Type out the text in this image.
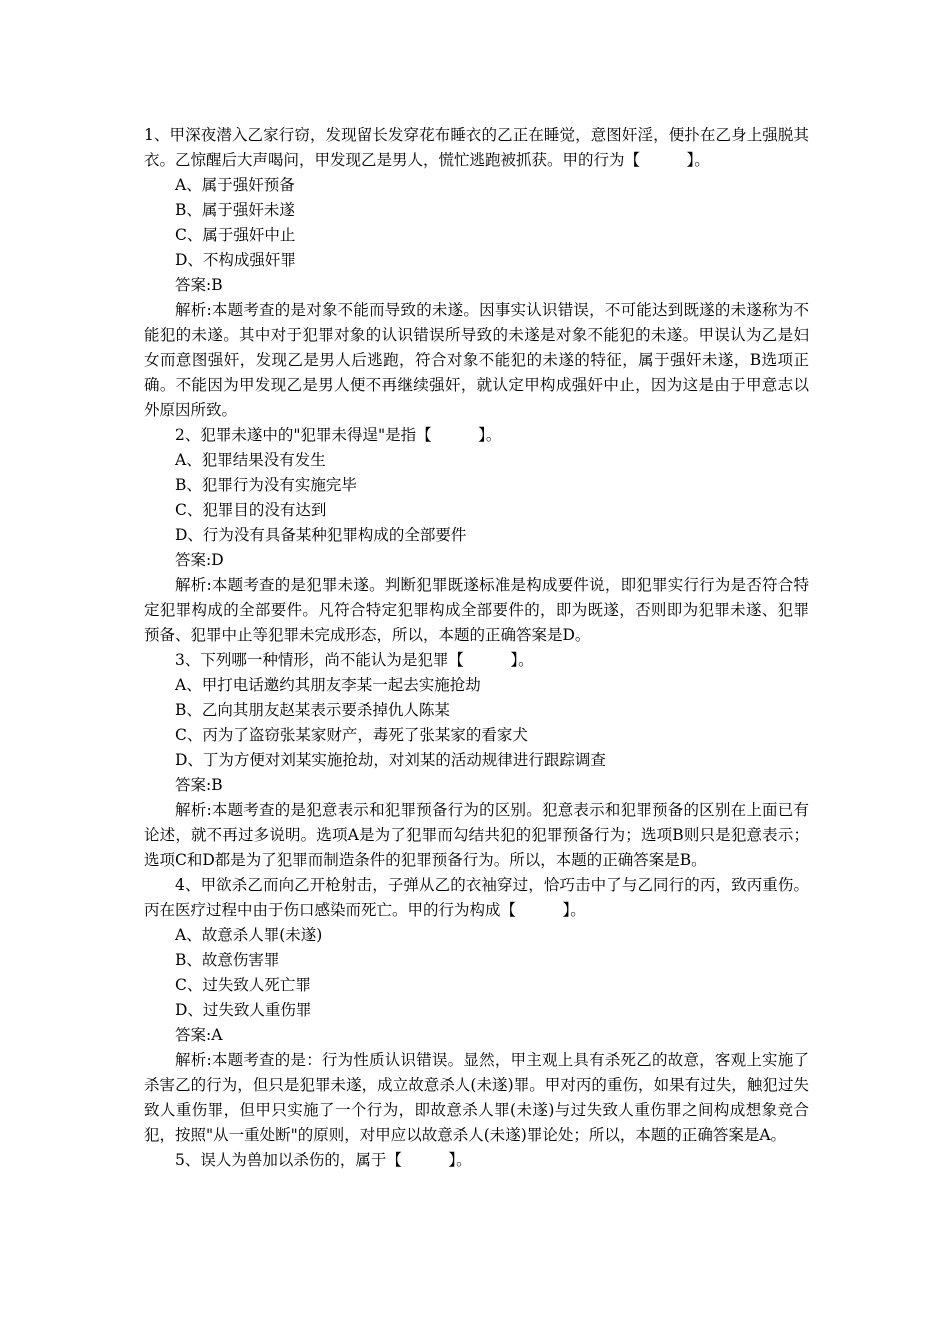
1、甲深夜潜入乙家行窃，发现留长发穿花布睡衣的乙正在睡觉，意图奸淫，便扑在乙身上强脱其衣。乙惊醒后大声喝问，甲发现乙是男人，慌忙逃跑被抓获。甲的行为【　　　】。

A、属于强奸预备

B、属于强奸未遂

C、属于强奸中止

D、不构成强奸罪

答案:B

解析:本题考查的是对象不能而导致的未遂。因事实认识错误，不可能达到既遂的未遂称为不能犯的未遂。其中对于犯罪对象的认识错误所导致的未遂是对象不能犯的未遂。甲误认为乙是妇女而意图强奸，发现乙是男人后逃跑，符合对象不能犯的未遂的特征，属于强奸未遂，B选项正确。不能因为甲发现乙是男人便不再继续强奸，就认定甲构成强奸中止，因为这是由于甲意志以外原因所致。

2、犯罪未遂中的"犯罪未得逞"是指【　　　】。

A、犯罪结果没有发生

B、犯罪行为没有实施完毕

C、犯罪目的没有达到

D、行为没有具备某种犯罪构成的全部要件

答案:D

解析:本题考查的是犯罪未遂。判断犯罪既遂标准是构成要件说，即犯罪实行行为是否符合特定犯罪构成的全部要件。凡符合特定犯罪构成全部要件的，即为既遂，否则即为犯罪未遂、犯罪预备、犯罪中止等犯罪未完成形态，所以，本题的正确答案是D。

3、下列哪一种情形，尚不能认为是犯罪【　　　】。

A、甲打电话邀约其朋友李某一起去实施抢劫

B、乙向其朋友赵某表示要杀掉仇人陈某

C、丙为了盗窃张某家财产，毒死了张某家的看家犬

D、丁为方便对刘某实施抢劫，对刘某的活动规律进行跟踪调查

答案:B

解析:本题考查的是犯意表示和犯罪预备行为的区别。犯意表示和犯罪预备的区别在上面已有论述，就不再过多说明。选项A是为了犯罪而勾结共犯的犯罪预备行为；选项B则只是犯意表示；选项C和D都是为了犯罪而制造条件的犯罪预备行为。所以，本题的正确答案是B。

4、甲欲杀乙而向乙开枪射击，子弹从乙的衣袖穿过，恰巧击中了与乙同行的丙，致丙重伤。丙在医疗过程中由于伤口感染而死亡。甲的行为构成【　　　】。

A、故意杀人罪(未遂)

B、故意伤害罪

C、过失致人死亡罪

D、过失致人重伤罪

答案:A

解析:本题考查的是：行为性质认识错误。显然，甲主观上具有杀死乙的故意，客观上实施了杀害乙的行为，但只是犯罪未遂，成立故意杀人(未遂)罪。甲对丙的重伤，如果有过失，触犯过失致人重伤罪，但甲只实施了一个行为，即故意杀人罪(未遂)与过失致人重伤罪之间构成想象竞合犯，按照"从一重处断"的原则，对甲应以故意杀人(未遂)罪论处；所以，本题的正确答案是A。

5、误人为兽加以杀伤的，属于【　　　】。
